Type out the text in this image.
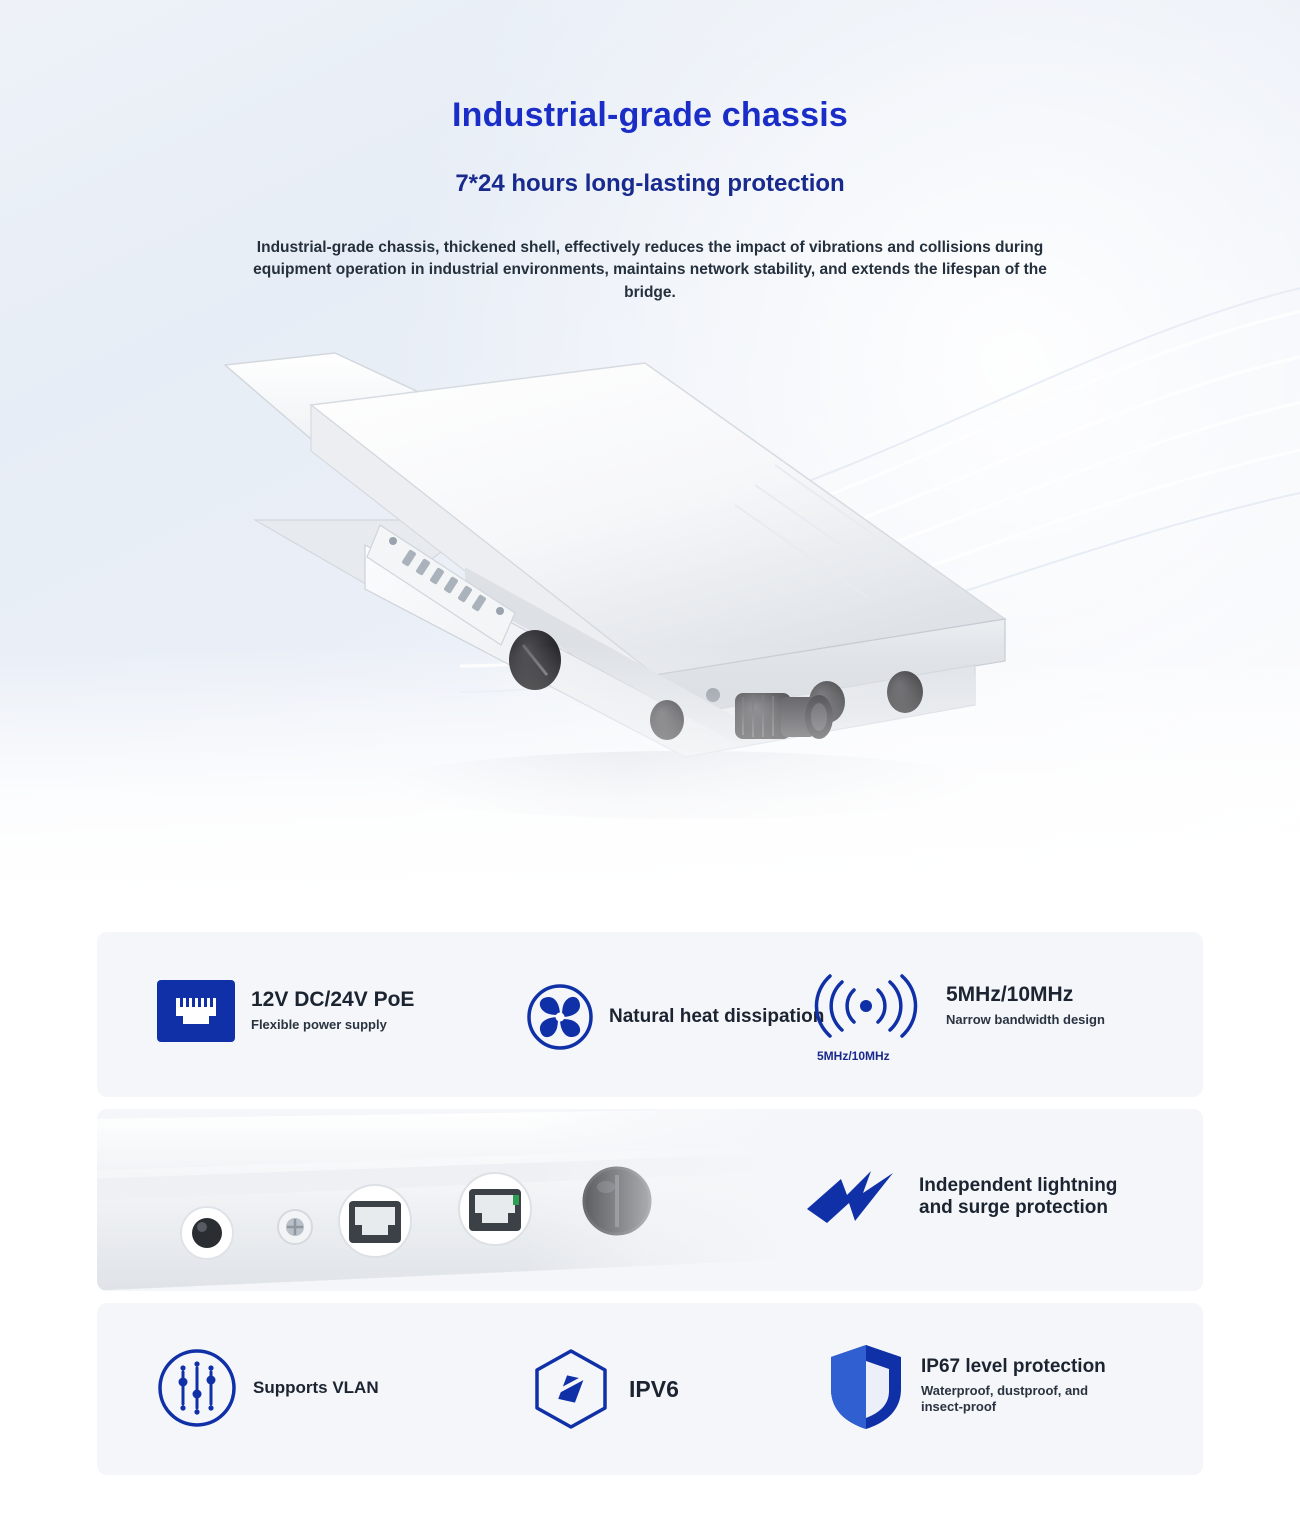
Industrial-grade chassis
7*24 hours long-lasting protection
Industrial-grade chassis, thickened shell, effectively reduces the impact of vibrations and collisions during equipment operation in industrial environments, maintains network stability, and extends the lifespan of the bridge.
12V DC/24V PoE
Flexible power supply	Natural heat dissipation
5MHz/10MHz
Narrow bandwidth design
5MHz/10MHz
Independent lightning and surge protection
Supports VLAN	IPV6
IP67 level protection
Waterproof, dustproof, and insect-proof
